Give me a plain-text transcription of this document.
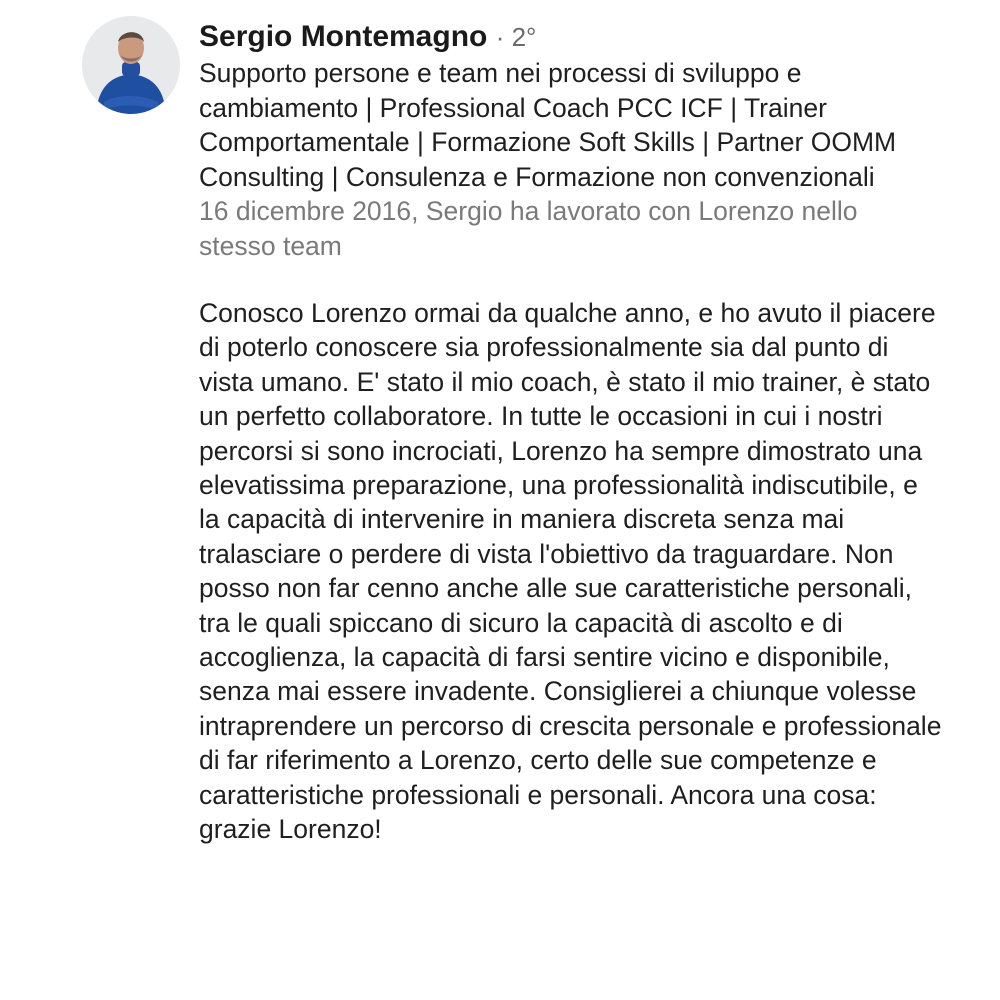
Sergio Montemagno · 2°
Supporto persone e team nei processi di sviluppo e cambiamento | Professional Coach PCC ICF | Trainer Comportamentale | Formazione Soft Skills | Partner OOMM Consulting | Consulenza e Formazione non convenzionali
16 dicembre 2016, Sergio ha lavorato con Lorenzo nello stesso team
Conosco Lorenzo ormai da qualche anno, e ho avuto il piacere di poterlo conoscere sia professionalmente sia dal punto di vista umano. E' stato il mio coach, è stato il mio trainer, è stato un perfetto collaboratore. In tutte le occasioni in cui i nostri percorsi si sono incrociati, Lorenzo ha sempre dimostrato una elevatissima preparazione, una professionalità indiscutibile, e la capacità di intervenire in maniera discreta senza mai tralasciare o perdere di vista l'obiettivo da traguardare. Non posso non far cenno anche alle sue caratteristiche personali, tra le quali spiccano di sicuro la capacità di ascolto e di accoglienza, la capacità di farsi sentire vicino e disponibile, senza mai essere invadente. Consiglierei a chiunque volesse intraprendere un percorso di crescita personale e professionale di far riferimento a Lorenzo, certo delle sue competenze e caratteristiche professionali e personali. Ancora una cosa: grazie Lorenzo!
